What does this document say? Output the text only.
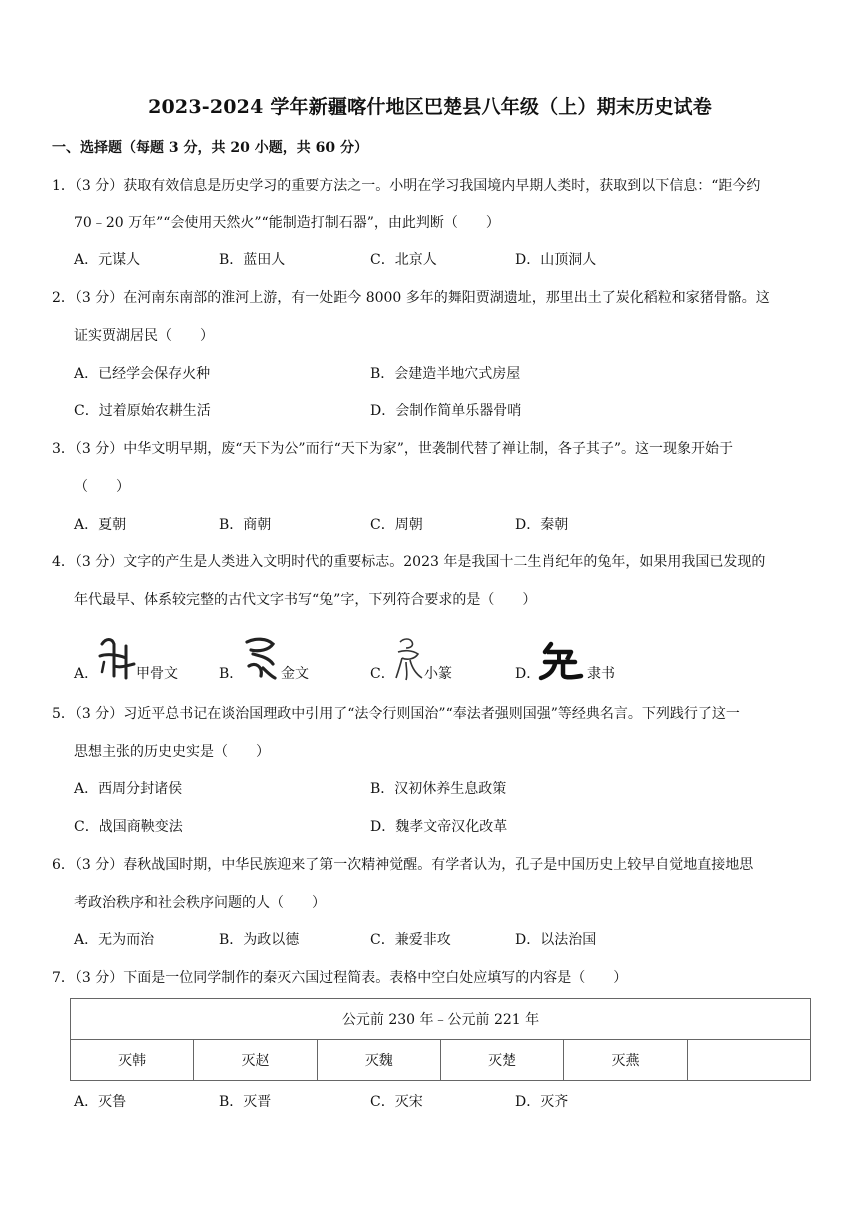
2023-2024 学年新疆喀什地区巴楚县八年级（上）期末历史试卷
一、选择题（每题 3 分，共 20 小题，共 60 分）
1．（3 分）获取有效信息是历史学习的重要方法之一。小明在学习我国境内早期人类时，获取到以下信息：“距今约
70﹣20 万年”“会使用天然火”“能制造打制石器”，由此判断（　　）
A．元谋人	B．蓝田人	C．北京人	D．山顶洞人
2．（3 分）在河南东南部的淮河上游，有一处距今 8000 多年的舞阳贾湖遗址，那里出土了炭化稻粒和家猪骨骼。这
证实贾湖居民（　　）
A．已经学会保存火种	B．会建造半地穴式房屋
C．过着原始农耕生活	D．会制作简单乐器骨哨
3．（3 分）中华文明早期，废“天下为公”而行“天下为家”，世袭制代替了禅让制，各子其子”。这一现象开始于
（　　）
A．夏朝	B．商朝	C．周朝	D．秦朝
4．（3 分）文字的产生是人类进入文明时代的重要标志。2023 年是我国十二生肖纪年的兔年，如果用我国已发现的
年代最早、体系较完整的古代文字书写“兔”字，下列符合要求的是（　　）
A．	甲骨文	B．	金文	C． 小篆	D．	隶书
5．（3 分）习近平总书记在谈治国理政中引用了“法令行则国治”“奉法者强则国强”等经典名言。下列践行了这一
思想主张的历史史实是（　　）
A．西周分封诸侯	B．汉初休养生息政策
C．战国商鞅变法	D．魏孝文帝汉化改革
6．（3 分）春秋战国时期，中华民族迎来了第一次精神觉醒。有学者认为，孔子是中国历史上较早自觉地直接地思
考政治秩序和社会秩序问题的人（　　）
A．无为而治	B．为政以德	C．兼爱非攻	D．以法治国
7．（3 分）下面是一位同学制作的秦灭六国过程简表。表格中空白处应填写的内容是（　　）
公元前 230 年﹣公元前 221 年
灭韩	灭赵	灭魏	灭楚	灭燕	
A．灭鲁	B．灭晋	C．灭宋	D．灭齐
